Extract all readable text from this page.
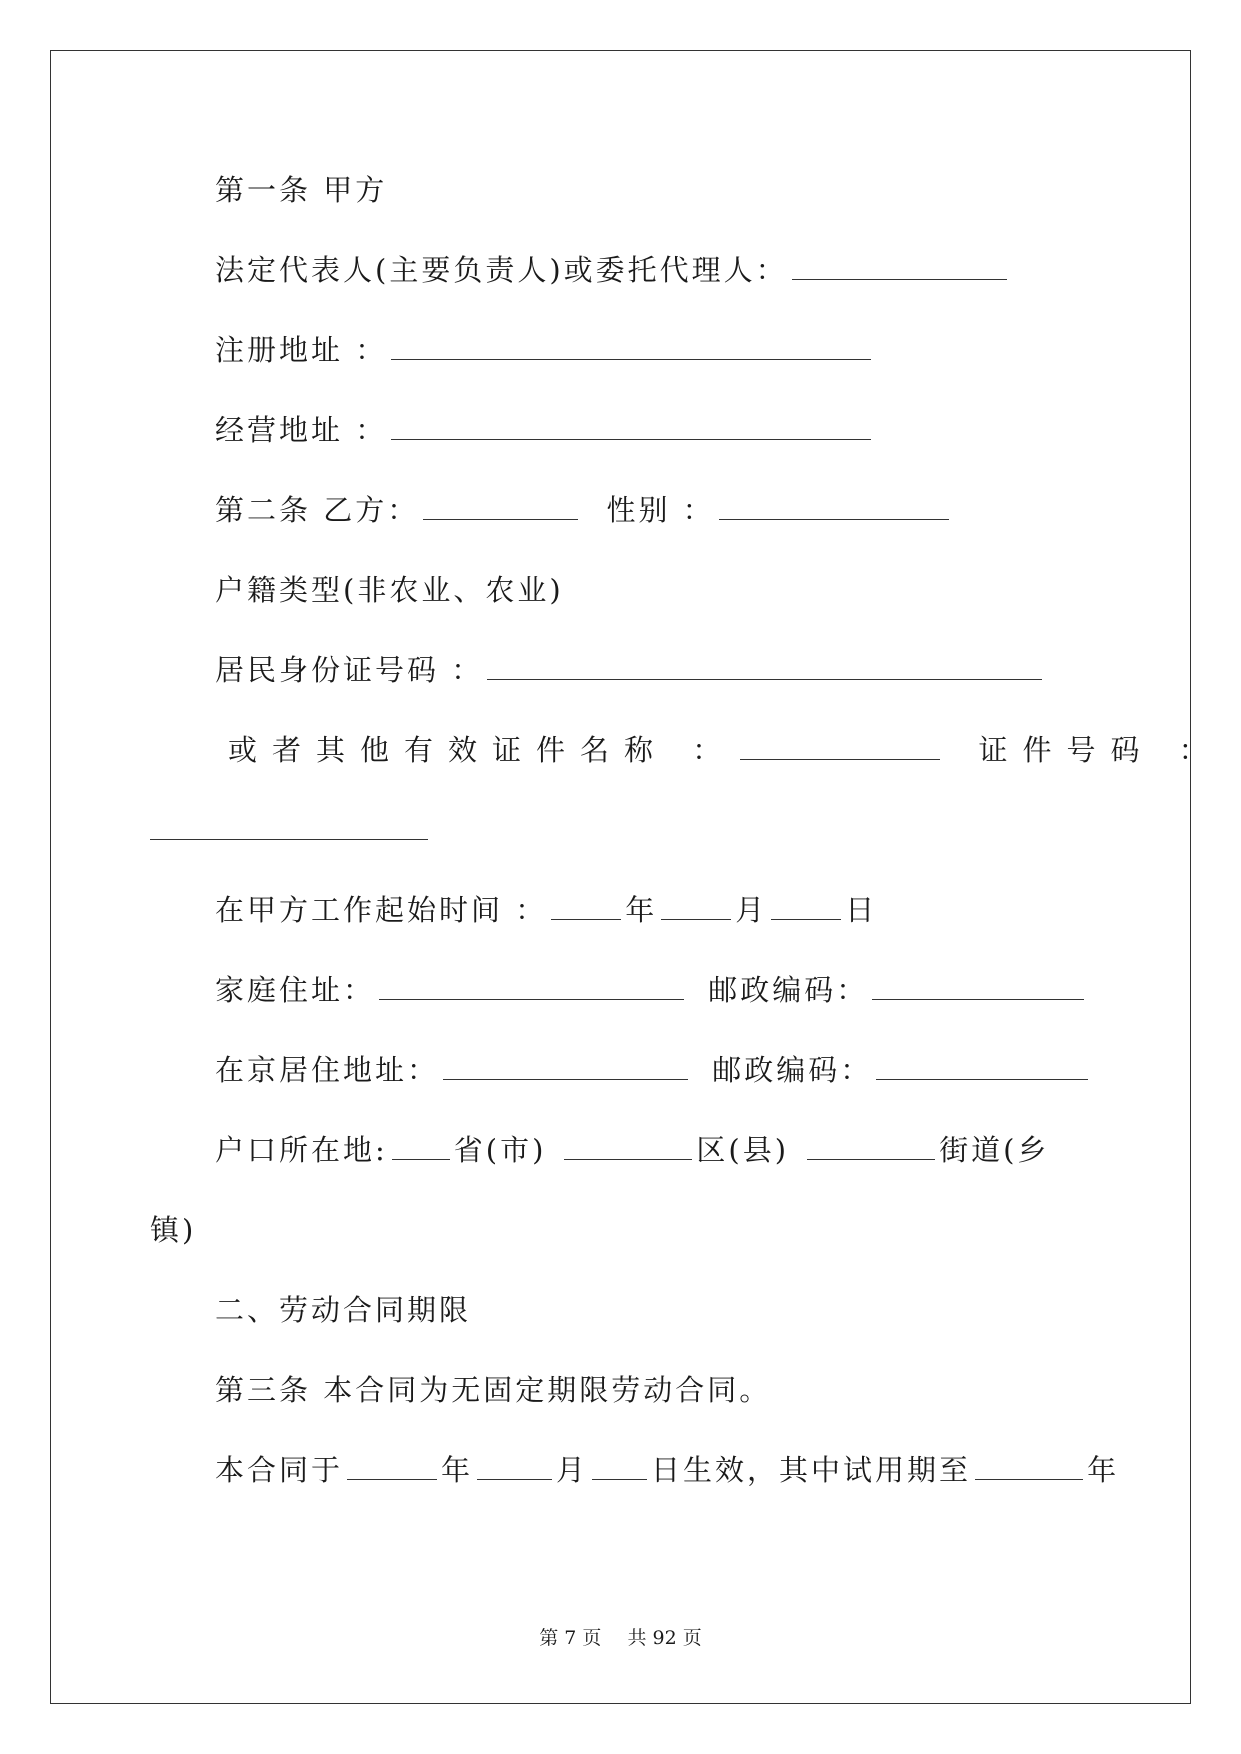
第一条 甲方
法定代表人(主要负责人)或委托代理人：
注册地址 ：
经营地址 ：
第二条 乙方：	性别 ：
户籍类型(非农业、农业)
居民身份证号码 ：
或者其他有效证件名称 ：	证件号码 ：
在甲方工作起始时间 ：	年	月	日
家庭住址：	邮政编码：
在京居住地址：	邮政编码：
户口所在地: 省(市)	区(县)	街道(乡
镇)
二、劳动合同期限
第三条 本合同为无固定期限劳动合同。
本合同于	年	月 日生效，其中试用期至	年
第 7 页 共 92 页
